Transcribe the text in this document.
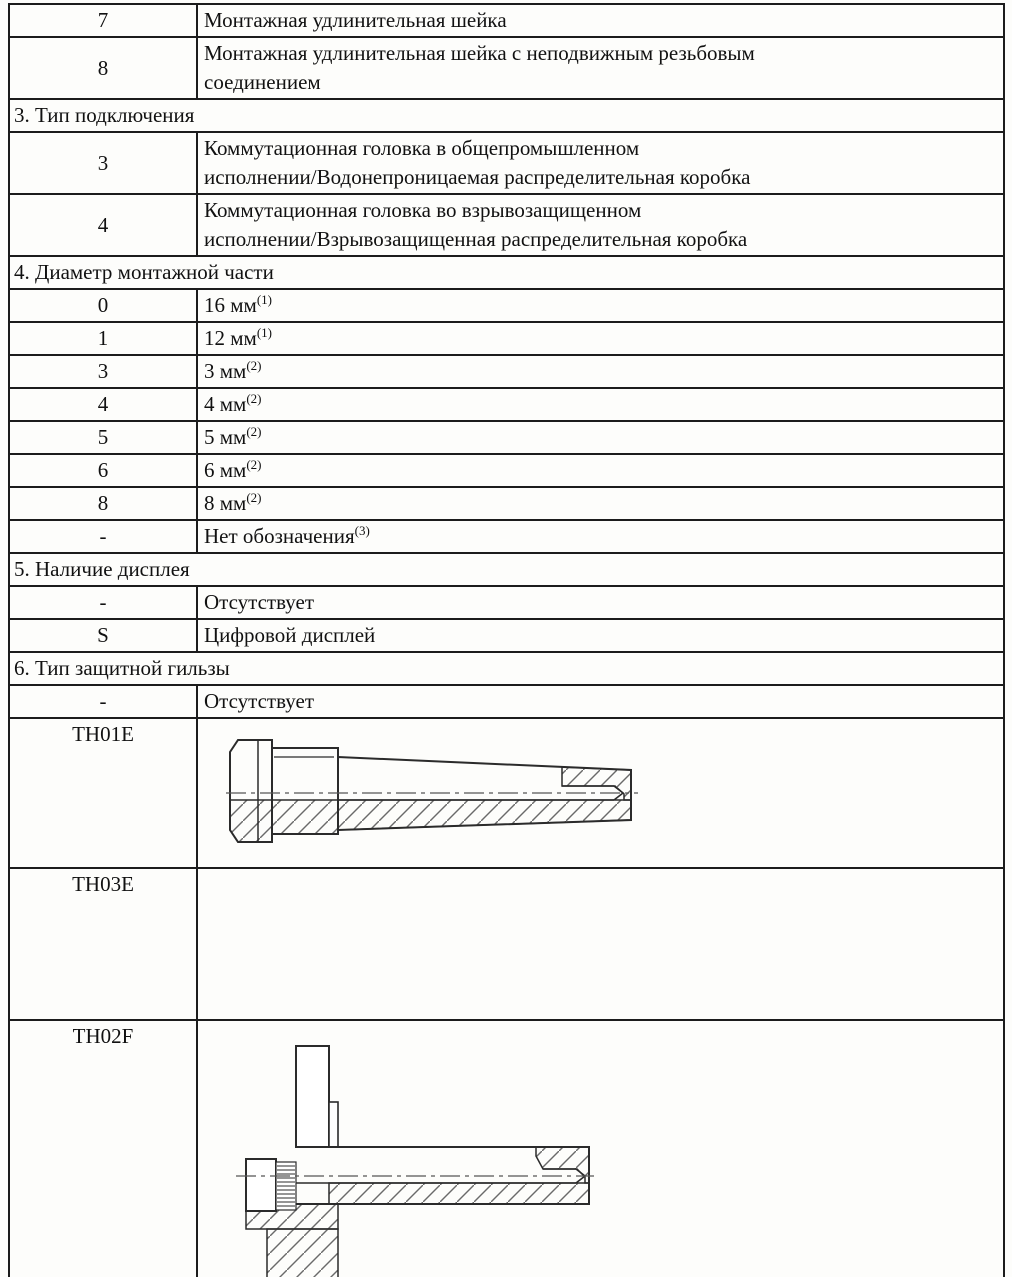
7	Монтажная удлинительная шейка
8	Монтажная удлинительная шейка с неподвижным резьбовым
соединением
3. Тип подключения	
3	Коммутационная головка в общепромышленном
исполнении/Водонепроницаемая распределительная коробка
4	Коммутационная головка во взрывозащищенном
исполнении/Взрывозащищенная распределительная коробка
4. Диаметр монтажной части	
0	16 $мм^{(1)}$
1	12 $мм^{(1)}$
3	3 $мм^{(2)}$
4	4 $мм^{(2)}$
5	5 $мм^{(2)}$
6	6 $мм^{(2)}$
8	8 $мм^{(2)}$
-	Нет обозначения$^{(3)}$
5. Наличие дисплея	
-	Отсутствует
S	Цифровой дисплей
6. Тип защитной гильзы	
-	Отсутствует
TH01E	

TH03E	
TH02F	
